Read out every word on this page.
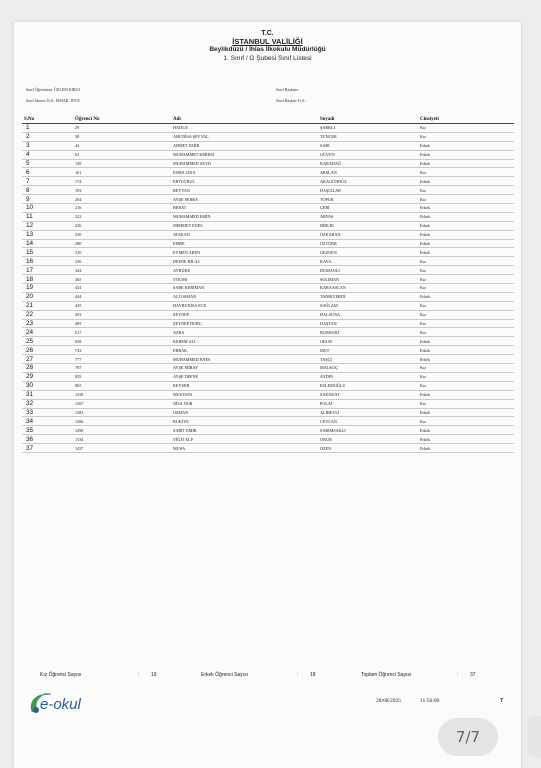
T.C.
İSTANBUL VALİLİĞİ
Beylikdüzü / İhlas İlkokulu Müdürlüğü
1. Sınıf / G Şubesi Sınıf Listesi
Sınıf Öğretmeni: ÖZLEM KIRGI
Sınıf İdaresi Yrd.: İSMAİL İNCE
Sınıf Başkanı:
Sınıf Başkan Yrd.:
S.No	Öğrenci No	Adı	Soyadı	Cinsiyeti
1	29	HATİCE	ŞARKLI	Kız
2	38	AHUNİSA ŞEVVAL	TUNCER	Kız
3	44	AHMET EMİR	SARI	Erkek
4	63	MUHAMMET KEREM	GÜVEN	Erkek
5	149	MUHAMMED ZEYD	KARADAĞ	Erkek
6	161	ESMA LİNA	ARSLAN	Kız
7	174	ERTUĞRUL	AKAGÜNDÜZ	Erkek
8	193	REYYAN	DAŞCILAR	Kız
9	204	AYŞE SERRA	TOPUK	Kız
10	216	BERAT	ÇEBİ	Erkek
11	222	MUHAMMED EMİN	ARVAS	Erkek
12	226	MEHMET ENES	DİBLİK	Erkek
13	230	ATAKAN	ÖZKARAN	Erkek
14	280	EMRE	ÖZTÜRK	Erkek
15	310	EYMEN AREN	GEZGEN	Erkek
16	336	DEFNE HİLAL	KAYA	Kız
17	344	AYBÜKE	DUMANLI	Kız
18	365	YOUSR	SOLIMAN	Kız
19	424	SARE KERİMAN	KARAASLAN	Kız
20	444	ALİ OSMAN	TANRIVERDİ	Erkek
21	445	HAYRUNİSA ECE	SAĞLAM	Kız
22	453	ZEYNEP	DALSUNA	Kız
23	495	ZEYNEP DURU	DAŞTAN	Kız
24	617	AZRA	BOZKURT	Kız
25	658	KEREM ALİ	OKUR	Erkek
26	743	ERBAK	MUT	Erkek
27	777	MUHAMMED ENES	TAŞÇI	Erkek
28	787	AYŞE MİRAY	MALKOÇ	Kız
29	835	AYŞE DEFNE	AYDIN	Kız
30	965	KEVSER	ESLEMOĞLU	Kız
31	1258	MUSTAFA	SADAKAT	Erkek
32	1267	NİSA NUR	POLAT	Kız
33	1283	OSMAN	ALİBEYLİ	Erkek
34	1286	RUKİYE	CEYLAN	Kız
35	1296	SABİT EMİR	SARIMSAKLI	Erkek
36	1334	YİĞİT ALP	ONUR	Erkek
37	1437	MUSA	ÖZEN	Erkek
Kız Öğrenci Sayısı	: 19	Erkek Öğrenci Sayısı	: 18	Toplam Öğrenci Sayısı	: 37
MEB
e-okul	28/08/2025	11:56:00	7
7/7
